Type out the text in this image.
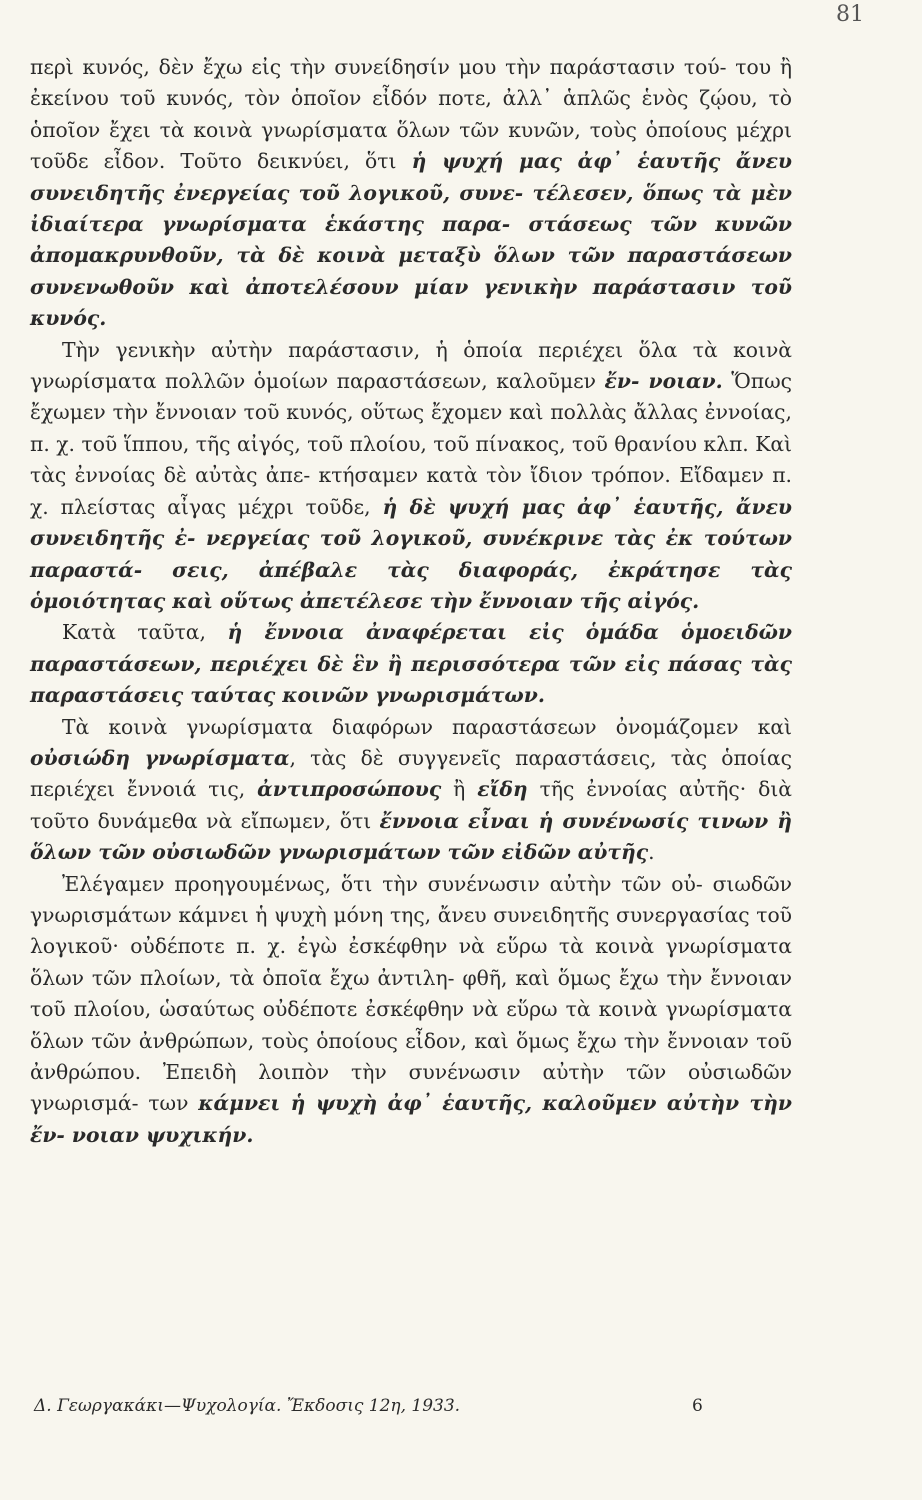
81

περὶ κυνός, δὲν ἔχω εἰς τὴν συνείδησίν μου τὴν παράστασιν τού- του ἢ ἐκείνου τοῦ κυνός, τὸν ὁποῖον εἶδόν ποτε, ἀλλ᾽ ἁπλῶς ἑνὸς ζῴου, τὸ ὁποῖον ἔχει τὰ κοινὰ γνωρίσματα ὅλων τῶν κυνῶν, τοὺς ὁποίους μέχρι τοῦδε εἶδον. Τοῦτο δεικνύει, ὅτι ἡ ψυχή μας ἀφ᾽ ἑαυτῆς ἄνευ συνειδητῆς ἐνεργείας τοῦ λογικοῦ, συνε- τέλεσεν, ὅπως τὰ μὲν ἰδιαίτερα γνωρίσματα ἑκάστης παρα- στάσεως τῶν κυνῶν ἀπομακρυνθοῦν, τὰ δὲ κοινὰ μεταξὺ ὅλων τῶν παραστάσεων συνενωθοῦν καὶ ἀποτελέσουν μίαν γενικὴν παράστασιν τοῦ κυνός.

Τὴν γενικὴν αὐτὴν παράστασιν, ἡ ὁποία περιέχει ὅλα τὰ κοινὰ γνωρίσματα πολλῶν ὁμοίων παραστάσεων, καλοῦμεν ἔν- νοιαν. Ὅπως ἔχωμεν τὴν ἔννοιαν τοῦ κυνός, οὕτως ἔχομεν καὶ πολλὰς ἄλλας ἐννοίας, π. χ. τοῦ ἵππου, τῆς αἰγός, τοῦ πλοίου, τοῦ πίνακος, τοῦ θρανίου κλπ. Καὶ τὰς ἐννοίας δὲ αὐτὰς ἀπε- κτήσαμεν κατὰ τὸν ἴδιον τρόπον. Εἴδαμεν π. χ. πλείστας αἶγας μέχρι τοῦδε, ἡ δὲ ψυχή μας ἀφ᾽ ἑαυτῆς, ἄνευ συνειδητῆς ἐ- νεργείας τοῦ λογικοῦ, συνέκρινε τὰς ἐκ τούτων παραστά- σεις, ἀπέβαλε τὰς διαφοράς, ἐκράτησε τὰς ὁμοιότητας καὶ οὕτως ἀπετέλεσε τὴν ἔννοιαν τῆς αἰγός.

Κατὰ ταῦτα, ἡ ἔννοια ἀναφέρεται εἰς ὁμάδα ὁμοειδῶν παραστάσεων, περιέχει δὲ ἓν ἢ περισσότερα τῶν εἰς πάσας τὰς παραστάσεις ταύτας κοινῶν γνωρισμάτων.

Τὰ κοινὰ γνωρίσματα διαφόρων παραστάσεων ὀνομάζομεν καὶ οὐσιώδη γνωρίσματα, τὰς δὲ συγγενεῖς παραστάσεις, τὰς ὁποίας περιέχει ἔννοιά τις, ἀντιπροσώπους ἢ εἴδη τῆς ἐννοίας αὐτῆς· διὰ τοῦτο δυνάμεθα νὰ εἴπωμεν, ὅτι ἔννοια εἶναι ἡ συνένωσίς τινων ἢ ὅλων τῶν οὐσιωδῶν γνωρισμάτων τῶν εἰδῶν αὐτῆς.

Ἐλέγαμεν προηγουμένως, ὅτι τὴν συνένωσιν αὐτὴν τῶν οὐ- σιωδῶν γνωρισμάτων κάμνει ἡ ψυχὴ μόνη της, ἄνευ συνειδητῆς συνεργασίας τοῦ λογικοῦ· οὐδέποτε π. χ. ἐγὼ ἐσκέφθην νὰ εὕρω τὰ κοινὰ γνωρίσματα ὅλων τῶν πλοίων, τὰ ὁποῖα ἔχω ἀντιλη- φθῆ, καὶ ὅμως ἔχω τὴν ἔννοιαν τοῦ πλοίου, ὡσαύτως οὐδέποτε ἐσκέφθην νὰ εὕρω τὰ κοινὰ γνωρίσματα ὅλων τῶν ἀνθρώπων, τοὺς ὁποίους εἶδον, καὶ ὅμως ἔχω τὴν ἔννοιαν τοῦ ἀνθρώπου. Ἐπειδὴ λοιπὸν τὴν συνένωσιν αὐτὴν τῶν οὐσιωδῶν γνωρισμά- των κάμνει ἡ ψυχὴ ἀφ᾽ ἑαυτῆς, καλοῦμεν αὐτὴν τὴν ἔν- νοιαν ψυχικήν.

Δ. Γεωργακάκι—Ψυχολογία. Ἔκδοσις 12η, 1933.	6
